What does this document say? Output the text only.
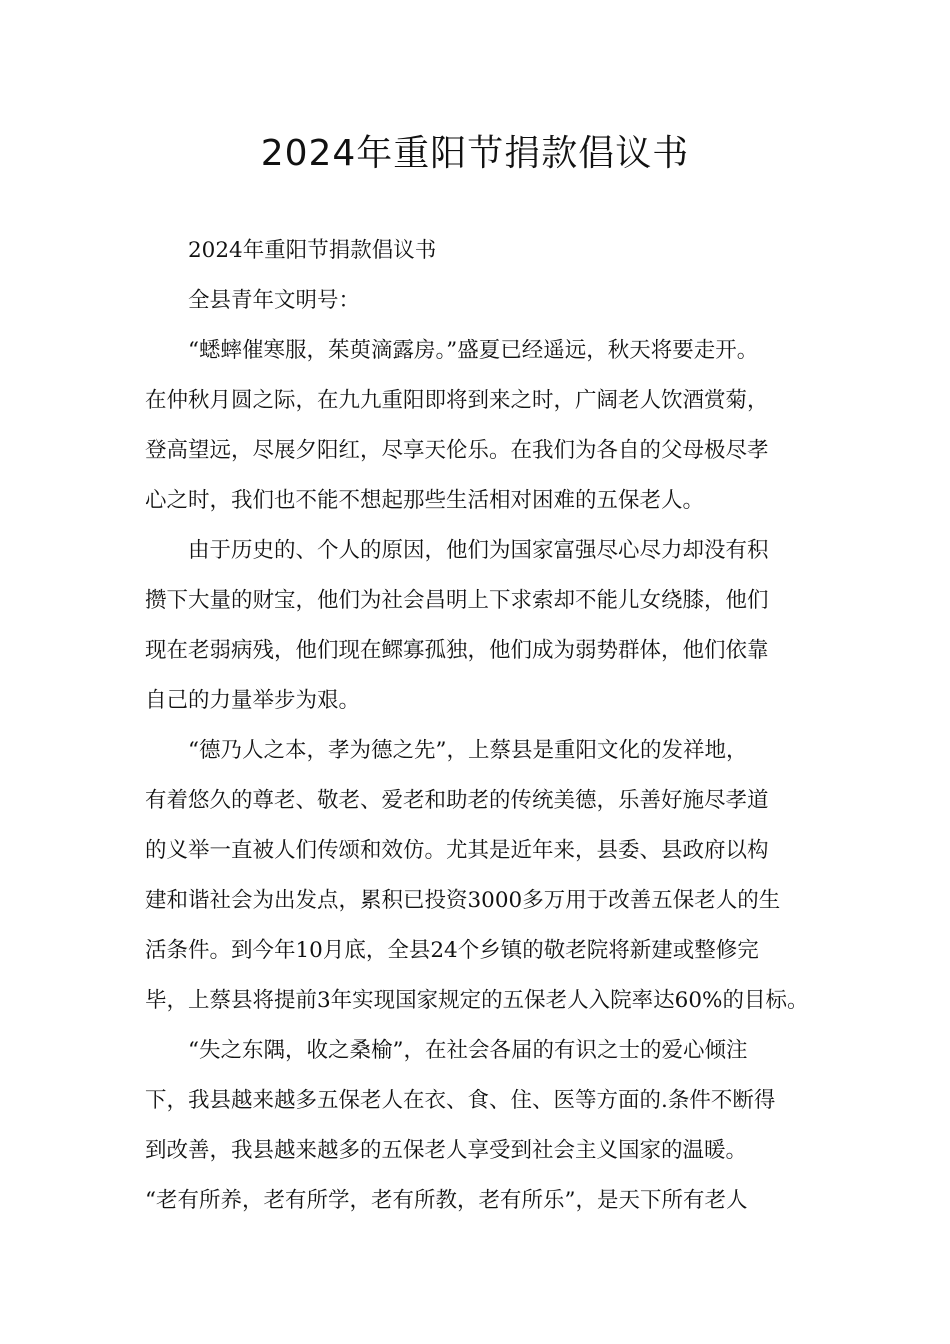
2024年重阳节捐款倡议书

2024年重阳节捐款倡议书

全县青年文明号：

“蟋蟀催寒服，茱萸滴露房。”盛夏已经遥远，秋天将要走开。

在仲秋月圆之际，在九九重阳即将到来之时，广阔老人饮酒赏菊，

登高望远，尽展夕阳红，尽享天伦乐。在我们为各自的父母极尽孝

心之时，我们也不能不想起那些生活相对困难的五保老人。

由于历史的、个人的原因，他们为国家富强尽心尽力却没有积

攒下大量的财宝，他们为社会昌明上下求索却不能儿女绕膝，他们

现在老弱病残，他们现在鳏寡孤独，他们成为弱势群体，他们依靠

自己的力量举步为艰。

“德乃人之本，孝为德之先”，上蔡县是重阳文化的发祥地，

有着悠久的尊老、敬老、爱老和助老的传统美德，乐善好施尽孝道

的义举一直被人们传颂和效仿。尤其是近年来，县委、县政府以构

建和谐社会为出发点，累积已投资3000多万用于改善五保老人的生

活条件。到今年10月底，全县24个乡镇的敬老院将新建或整修完

毕，上蔡县将提前3年实现国家规定的五保老人入院率达60%的目标。

“失之东隅，收之桑榆”，在社会各届的有识之士的爱心倾注

下，我县越来越多五保老人在衣、食、住、医等方面的.条件不断得

到改善，我县越来越多的五保老人享受到社会主义国家的温暖。

“老有所养，老有所学，老有所教，老有所乐”，是天下所有老人
